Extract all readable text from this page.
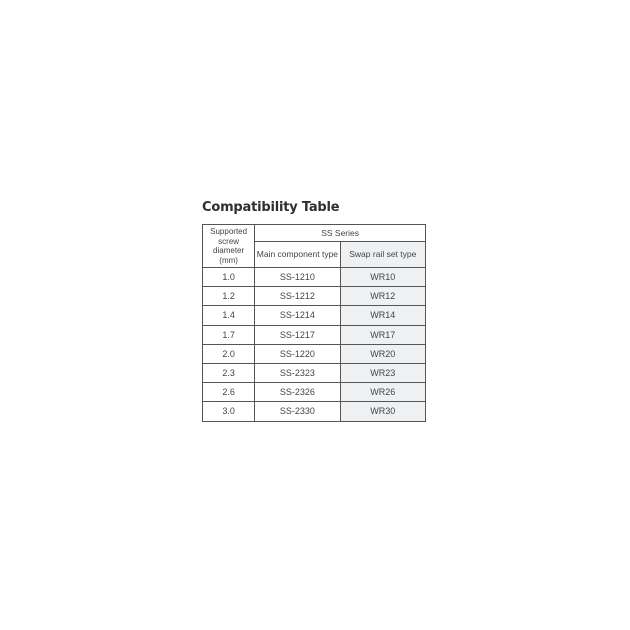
Compatibility Table
Supported screw diameter (mm)	SS Series	
	Main component type	Swap rail set type
1.0	SS-1210	WR10
1.2	SS-1212	WR12
1.4	SS-1214	WR14
1.7	SS-1217	WR17
2.0	SS-1220	WR20
2.3	SS-2323	WR23
2.6	SS-2326	WR26
3.0	SS-2330	WR30
